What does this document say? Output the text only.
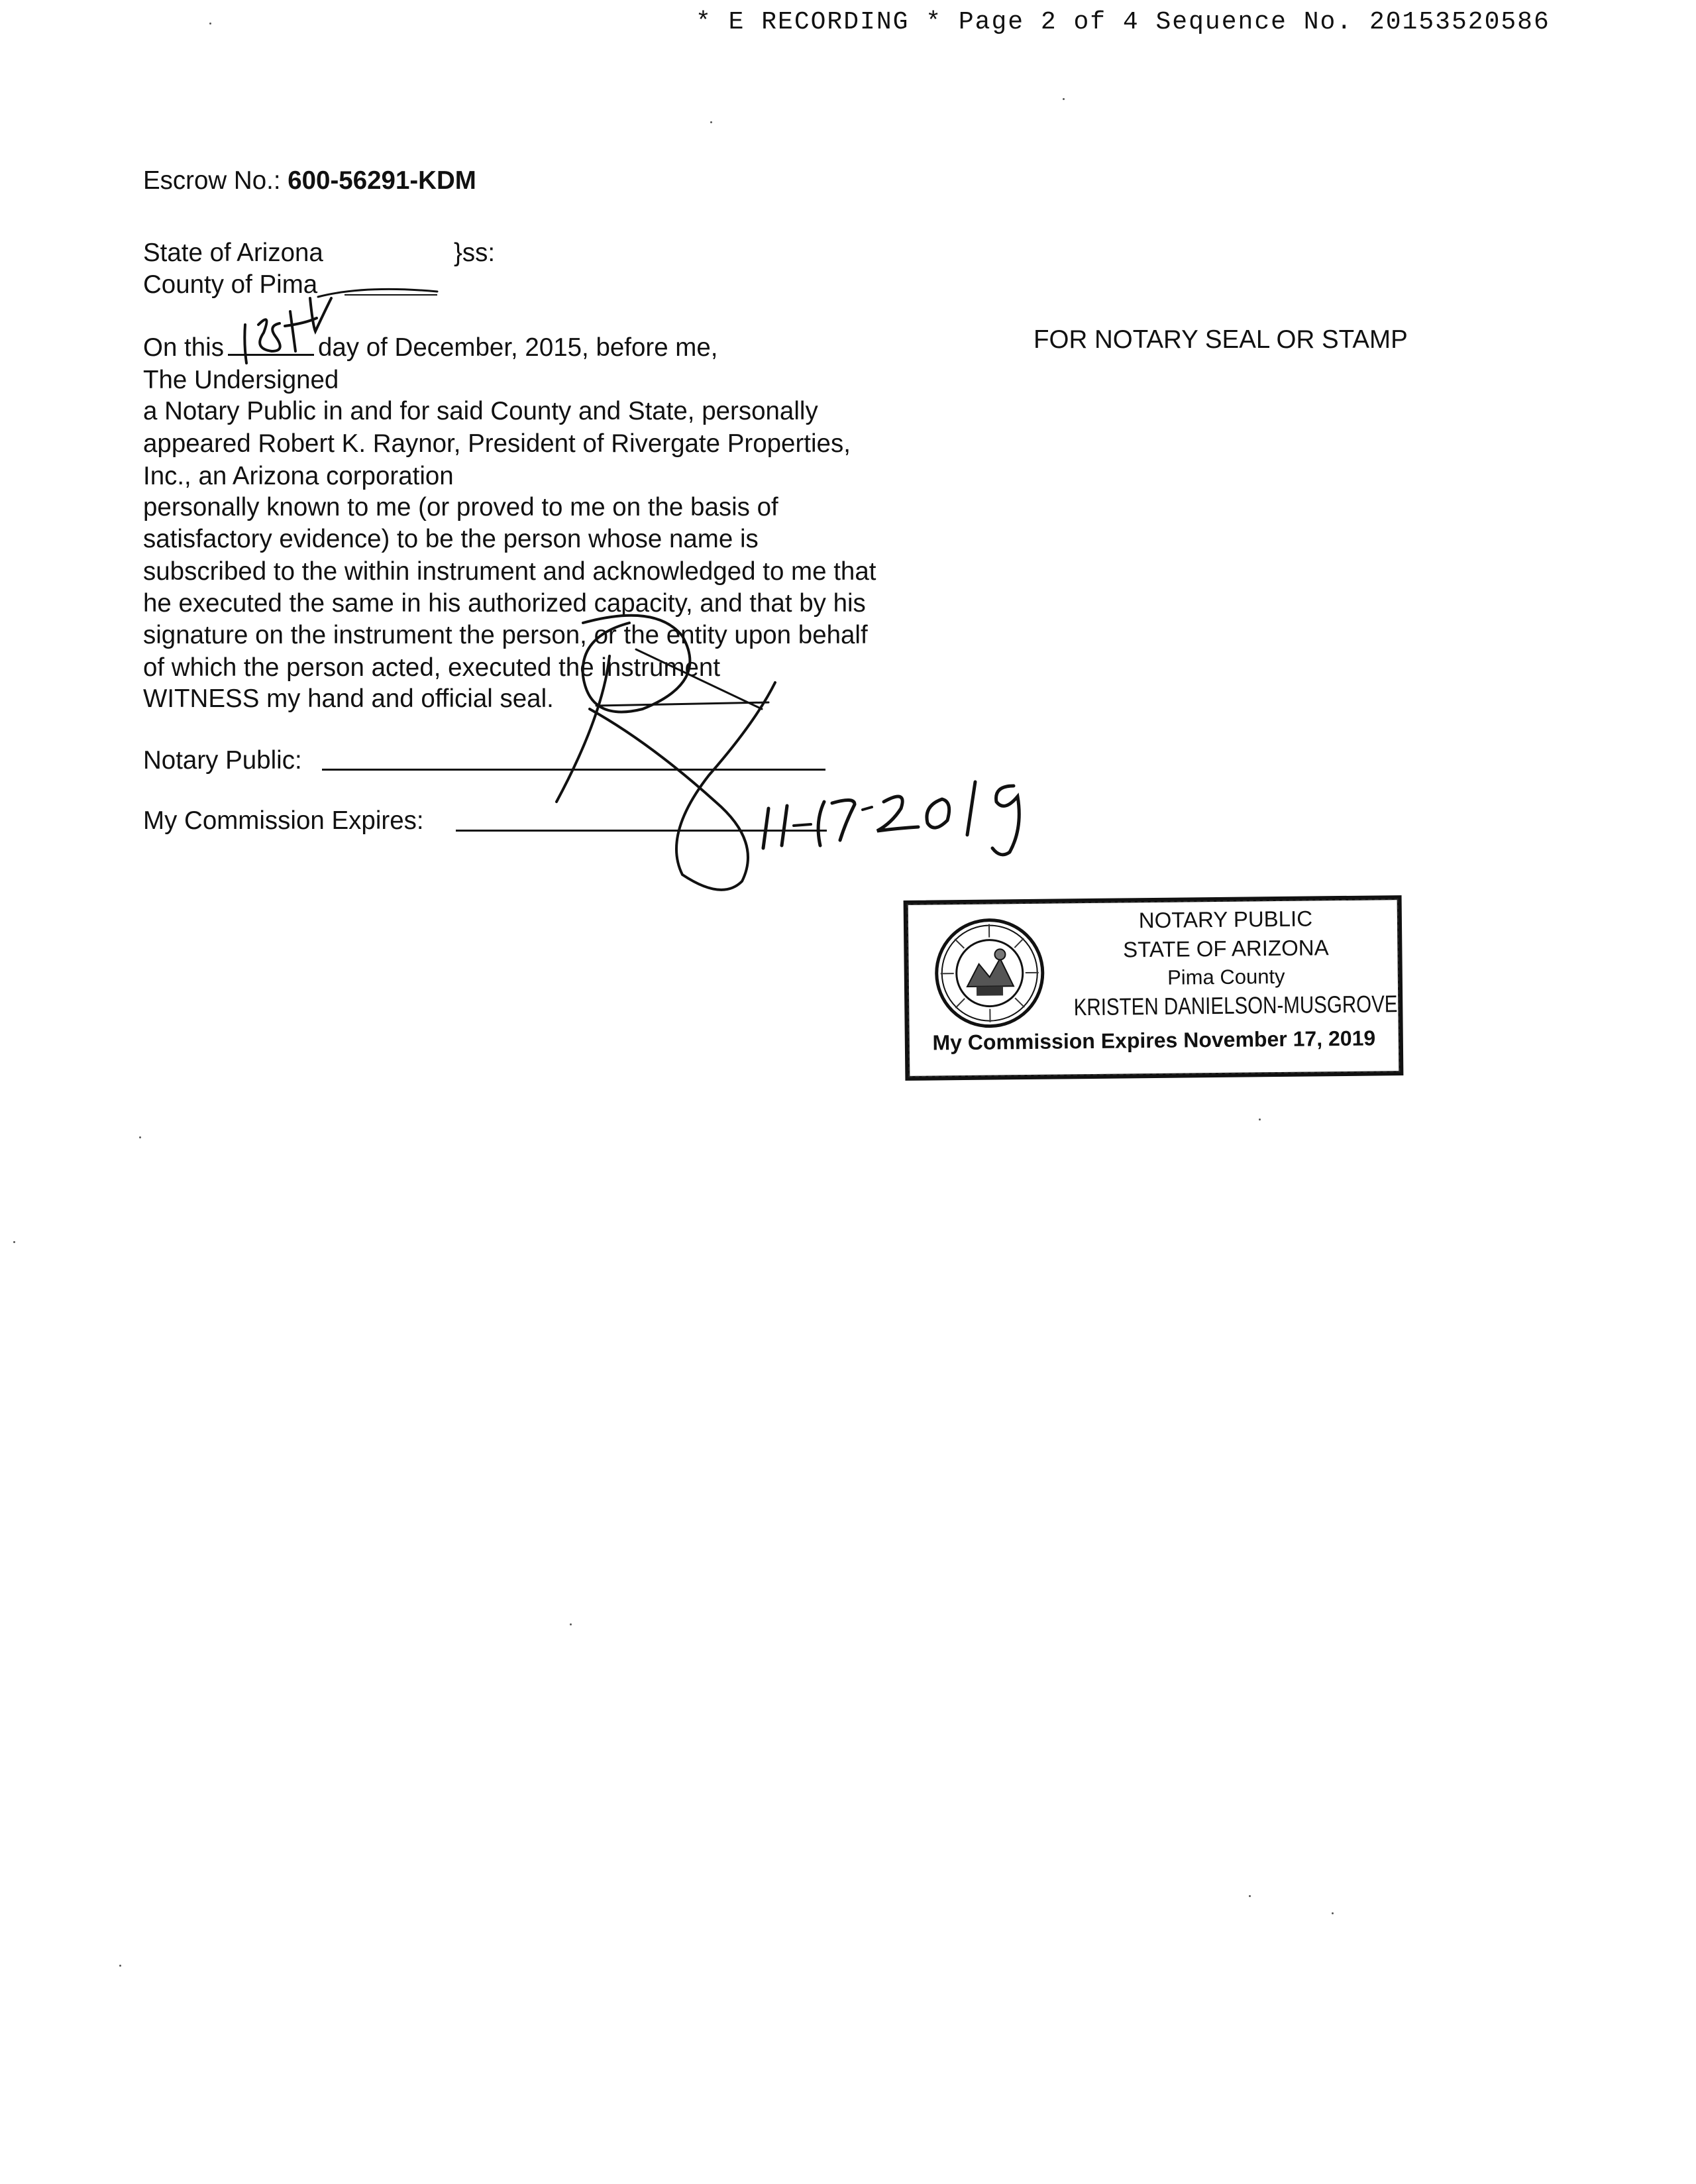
* E RECORDING * Page 2 of 4 Sequence No. 20153520586
Escrow No.: 600-56291-KDM
State of Arizona	}ss:
County of Pima
FOR NOTARY SEAL OR STAMP
On this	day of December, 2015, before me,
The Undersigned
a Notary Public in and for said County and State, personally
appeared Robert K. Raynor, President of Rivergate Properties,
Inc., an Arizona corporation
personally known to me (or proved to me on the basis of
satisfactory evidence) to be the person whose name is
subscribed to the within instrument and acknowledged to me that
he executed the same in his authorized capacity, and that by his
signature on the instrument the person, or the entity upon behalf
of which the person acted, executed the instrument
WITNESS my hand and official seal.
Notary Public:
My Commission Expires:
NOTARY PUBLIC
STATE OF ARIZONA
Pima County
KRISTEN DANIELSON-MUSGROVE
My Commission Expires November 17, 2019
